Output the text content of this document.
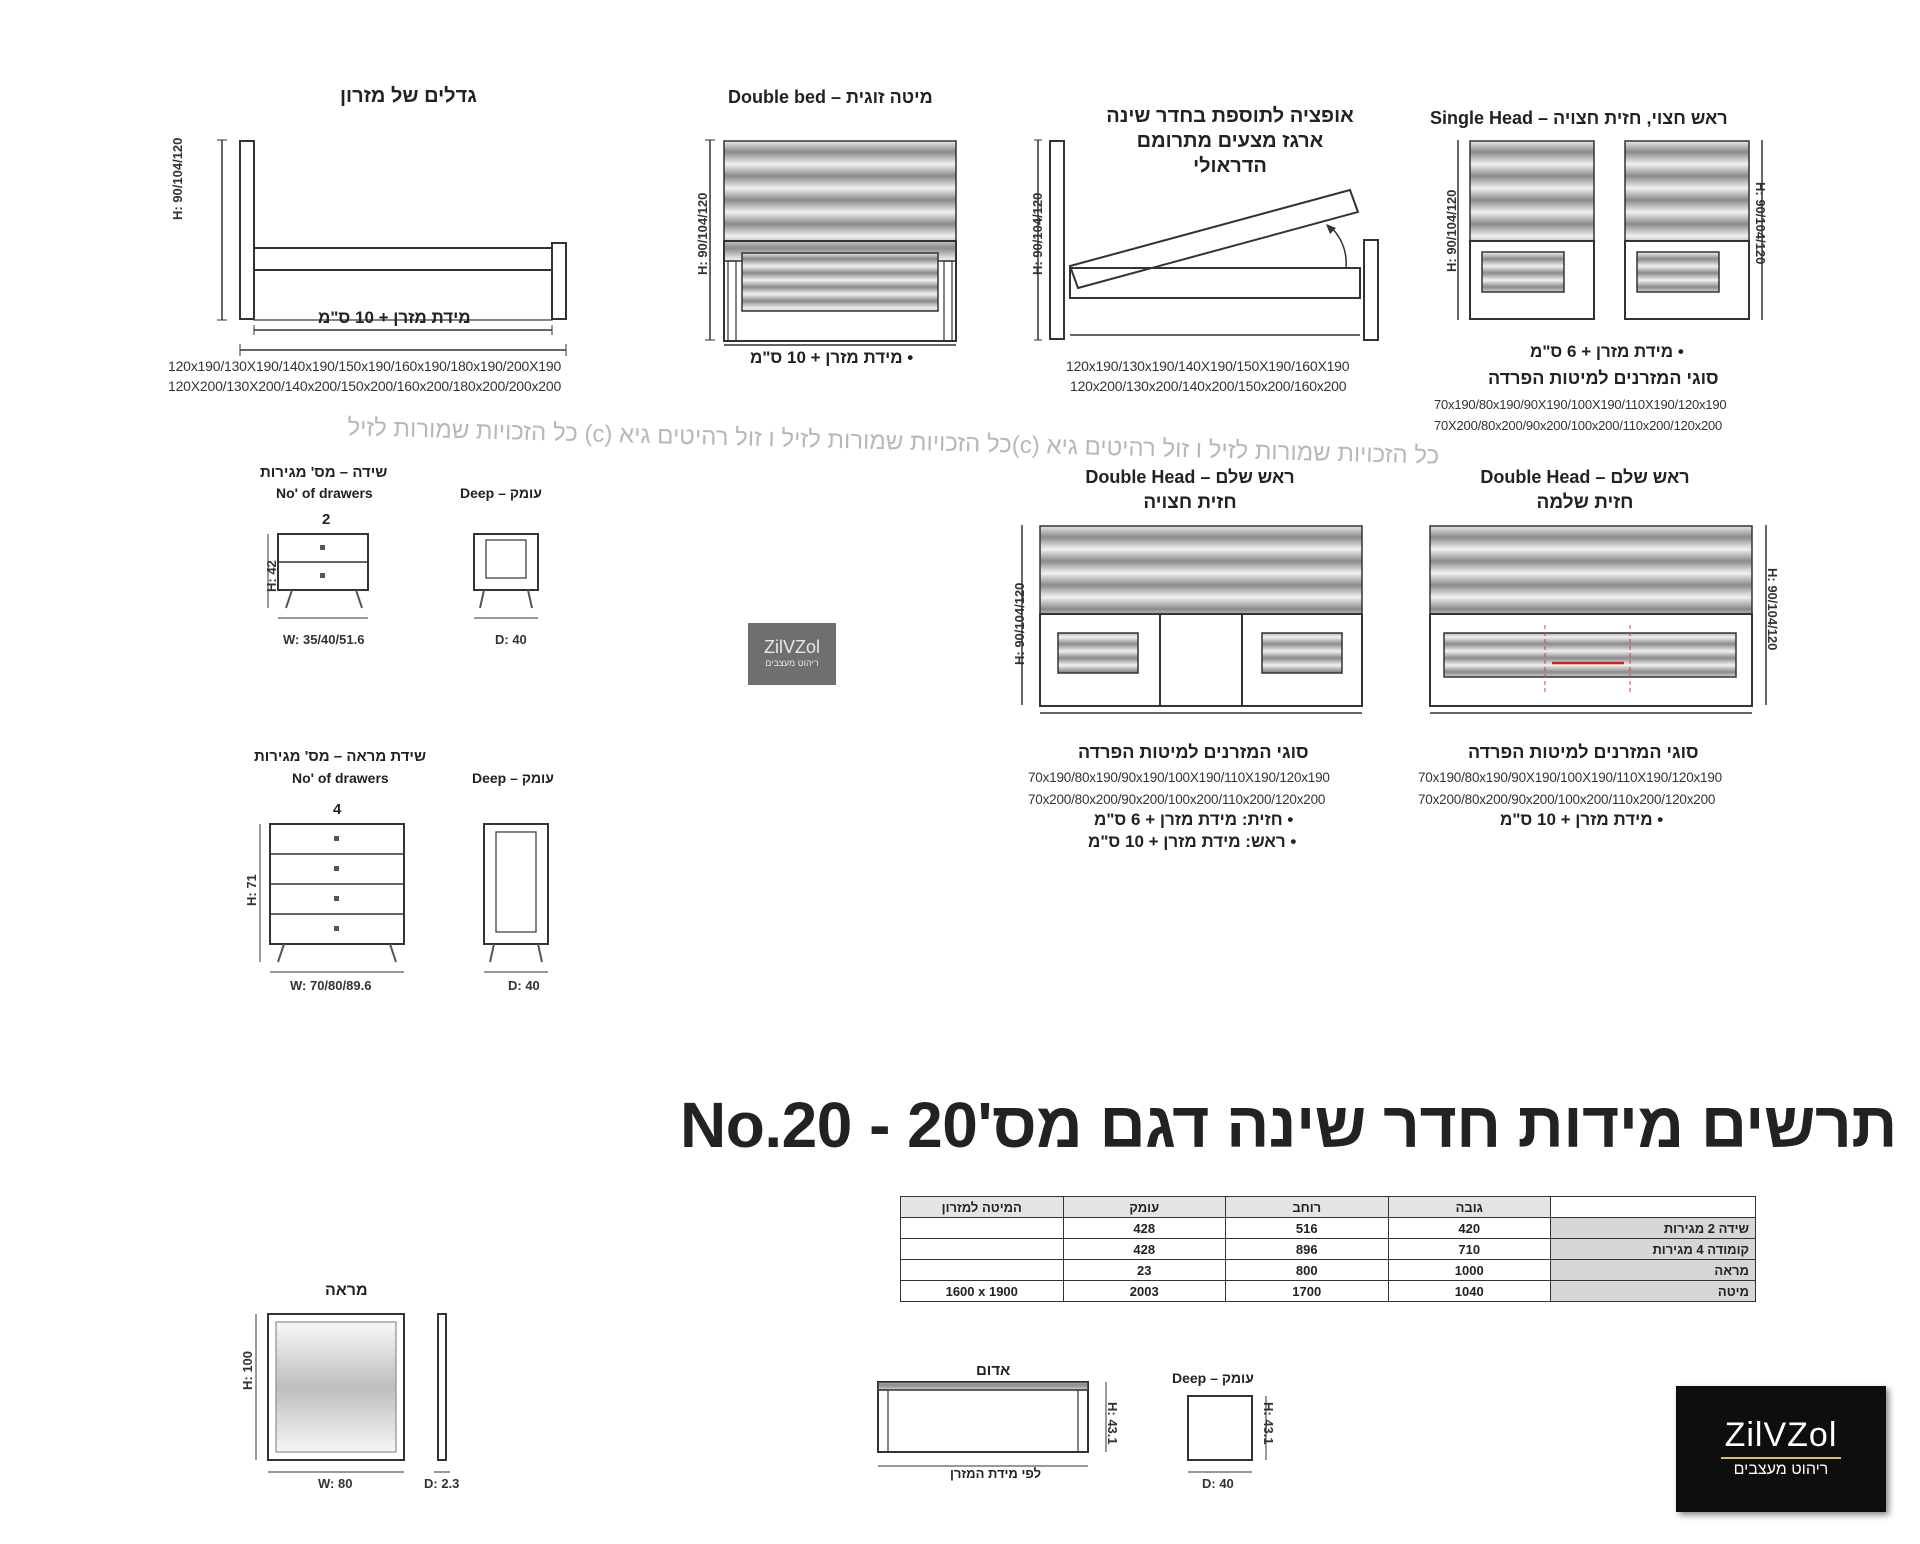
גדלים של מזרון
H: 90/104/120
מידת מזרן + 10 ס"מ
120x190/130X190/140x190/150x190/160x190/180x190/200X190
120X200/130X200/140x200/150x200/160x200/180x200/200x200
מיטה זוגית – Double bed
H: 90/104/120
• מידת מזרן + 10 ס"מ
אופציה לתוספת בחדר שינה
ארגז מצעים מתרומם
הדראולי
H: 90/104/120
120x190/130x190/140X190/150X190/160X190
120x200/130x200/140x200/150x200/160x200
ראש חצוי, חזית חצויה – Single Head
H: 90/104/120	H: 90/104/120
• מידת מזרן + 6 ס"מ
סוגי המזרנים למיטות הפרדה
70x190/80x190/90X190/100X190/110X190/120x190
70X200/80x200/90x200/100x200/110x200/120x200
כל הזכויות שמורות לזיל ו זול רהיטים גיא (c)כל הזכויות שמורות לזיל ו זול רהיטים גיא (c) כל הזכויות שמורות לזיל
ראש שלם – Double Head
חזית חצויה
H: 90/104/120
סוגי המזרנים למיטות הפרדה
70x190/80x190/90x190/100X190/110X190/120x190
70x200/80x200/90x200/100x200/110x200/120x200
• חזית: מידת מזרן + 6 ס"מ
• ראש: מידת מזרן + 10 ס"מ
ראש שלם – Double Head
חזית שלמה
H: 90/104/120
סוגי המזרנים למיטות הפרדה
70x190/80x190/90X190/100X190/110X190/120x190
70x200/80x200/90x200/100x200/110x200/120x200
• מידת מזרן + 10 ס"מ
ZilVZol
ריהוט מעצבים
שידה – מס' מגירות
No' of drawers
2
Deep – עומק
H: 42
W: 35/40/51.6	D: 40
שידת מראה – מס' מגירות
No' of drawers
4
Deep – עומק
H: 71
W: 70/80/89.6	D: 40
תרשים מידות חדר שינה דגם מס'20 - No.20
המיטה למזרון	עומק	רוחב	גובה	
	428	516	420	שידה 2 מגירות
	428	896	710	קומודה 4 מגירות
	23	800	1000	מראה
1600 x 1900	2003	1700	1040	מיטה
מראה
H: 100
W: 80	D: 2.3
אדום
H: 43.1
לפי מידת המזרן
Deep – עומק
H: 43.1
D: 40
ZilVZol
ריהוט מעצבים
